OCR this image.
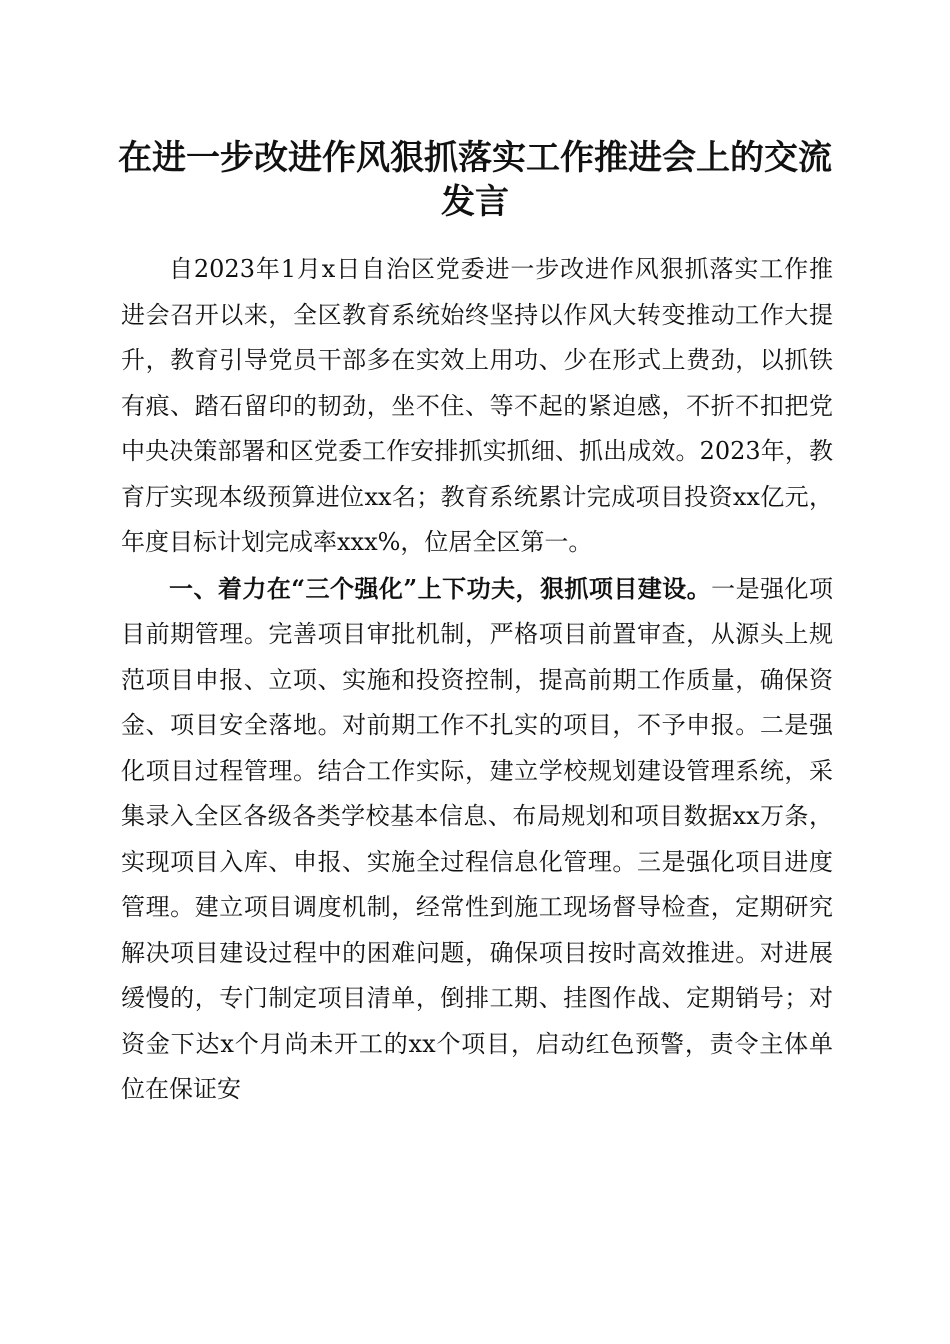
在进一步改进作风狠抓落实工作推进会上的交流发言

自2023年1月x日自治区党委进一步改进作风狠抓落实工作推进会召开以来，全区教育系统始终坚持以作风大转变推动工作大提升，教育引导党员干部多在实效上用功、少在形式上费劲，以抓铁有痕、踏石留印的韧劲，坐不住、等不起的紧迫感，不折不扣把党中央决策部署和区党委工作安排抓实抓细、抓出成效。2023年，教育厅实现本级预算进位xx名；教育系统累计完成项目投资xx亿元，年度目标计划完成率xxx%，位居全区第一。

一、着力在“三个强化”上下功夫，狠抓项目建设。一是强化项目前期管理。完善项目审批机制，严格项目前置审查，从源头上规范项目申报、立项、实施和投资控制，提高前期工作质量，确保资金、项目安全落地。对前期工作不扎实的项目，不予申报。二是强化项目过程管理。结合工作实际，建立学校规划建设管理系统，采集录入全区各级各类学校基本信息、布局规划和项目数据xx万条，实现项目入库、申报、实施全过程信息化管理。三是强化项目进度管理。建立项目调度机制，经常性到施工现场督导检查，定期研究解决项目建设过程中的困难问题，确保项目按时高效推进。对进展缓慢的，专门制定项目清单，倒排工期、挂图作战、定期销号；对资金下达x个月尚未开工的xx个项目，启动红色预警，责令主体单位在保证安
